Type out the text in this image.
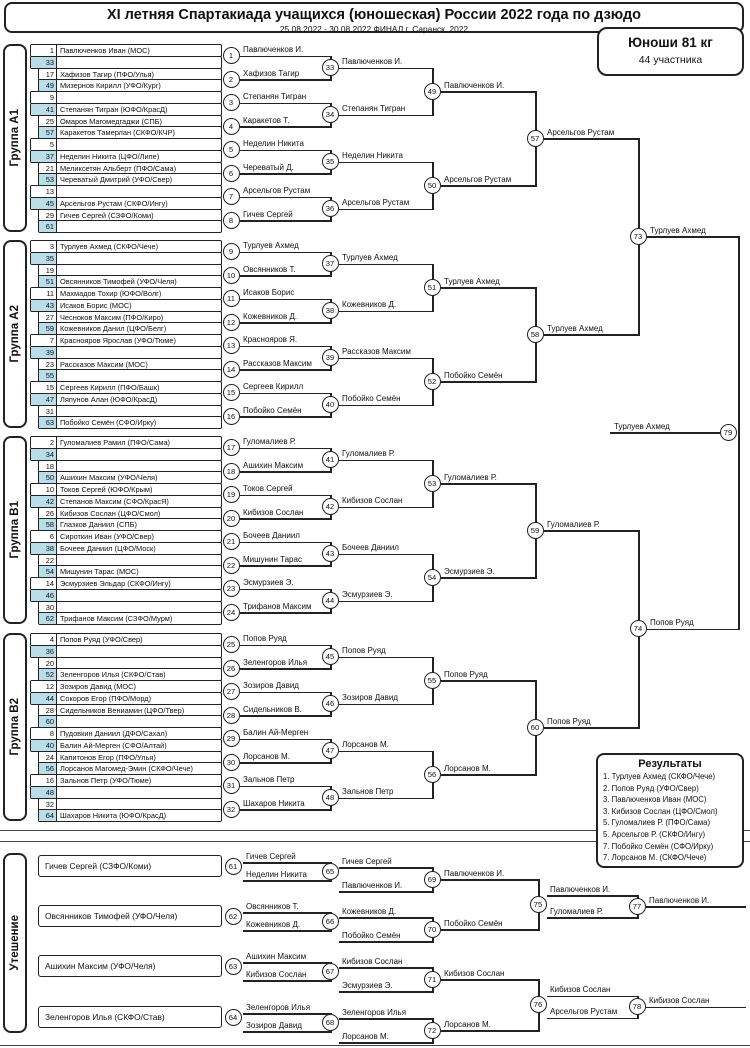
XI летняя Спартакиада учащихся (юношеская) России 2022 года по дзюдо
25.08.2022 - 30.08.2022 ФИНАЛ г. Саранск, 2022
Юноши 81 кг
44 участника
Результаты
1. Турлуев Ахмед (СКФО/Чече)
2. Попов Руяд (УФО/Свер)
3. Павлюченков Иван (МОС)
3. Кибизов Сослан (ЦФО/Смол)
5. Гуломалиев Р. (ПФО/Сама)
5. Арсельгов Р. (СКФО/Ингу)
7. Побойко Семён (СФО/Ирку)
7. Лорсанов М. (СКФО/Чече)
Группа А1
1 Павлюченков Иван (МОС)
33
17 Хафизов Тагир (ПФО/Улья)
49 Мизернов Кирилл (УФО/Кург)
9
41 Степанян Тигран (ЮФО/КрасД)
25 Омаров Магомедгаджи (СПБ)
57 Каракетов Тамерлан (СКФО/КЧР)
5
37 Неделин Никита (ЦФО/Липе)
21 Меликсетян Альберт (ПФО/Сама)
53 Череватый Дмитрий (УФО/Свер)
13
45 Арсельгов Рустам (СКФО/Ингу)
29 Гичев Сергей (СЗФО/Коми)
61
1
Павлюченков И.
2
Хафизов Тагир
3
Степанян Тигран
4
Каракетов Т.
5
Неделин Никита
6
Череватый Д.
7
Арсельгов Рустам
8
Гичев Сергей
33
Павлюченков И.
34
Степанян Тигран
35
Неделин Никита
36
Арсельгов Рустам
49
Павлюченков И.
50
Арсельгов Рустам
57
Арсельгов Рустам
Группа А2
3 Турлуев Ахмед (СКФО/Чече)
35
19
51 Овсянников Тимофей (УФО/Челя)
11 Махмадов Тохир (ЮФО/Волг)
43 Исаков Борис (МОС)
27 Чесноков Максим (ПФО/Киро)
59 Кожевников Данил (ЦФО/Белг)
7 Краснояров Ярослав (УФО/Тюме)
39
23 Рассказов Максим (МОС)
55
15 Сергеев Кирилл (ПФО/Башк)
47 Ляпунов Алан (ЮФО/КрасД)
31
63 Побойко Семён (СФО/Ирку)
9
Турлуев Ахмед
10
Овсянников Т.
11
Исаков Борис
12
Кожевников Д.
13
Краснояров Я.
14
Рассказов Максим
15
Сергеев Кирилл
16
Побойко Семён
37
Турлуев Ахмед
38
Кожевников Д.
39
Рассказов Максим
40
Побойко Семён
51
Турлуев Ахмед
52
Побойко Семён
58
Турлуев Ахмед
Группа В1
2 Гуломалиев Рамил (ПФО/Сама)
34
18
50 Ашихин Максим (УФО/Челя)
10 Токов Сергей (ЮФО/Крым)
42 Степанов Максим (СФО/КрасЯ)
26 Кибизов Сослан (ЦФО/Смол)
58 Глазков Даниил (СПБ)
6 Сироткин Иван (УФО/Свер)
38 Бочеев Даниил (ЦФО/Моск)
22
54 Мишунин Тарас (МОС)
14 Эсмурзиев Эльдар (СКФО/Ингу)
46
30
62 Трифанов Максим (СЗФО/Мурм)
17
Гуломалиев Р.
18
Ашихин Максим
19
Токов Сергей
20
Кибизов Сослан
21
Бочеев Даниил
22
Мишунин Тарас
23
Эсмурзиев Э.
24
Трифанов Максим
41
Гуломалиев Р.
42
Кибизов Сослан
43
Бочеев Даниил
44
Эсмурзиев Э.
53
Гуломалиев Р.
54
Эсмурзиев Э.
59
Гуломалиев Р.
Группа В2
4 Попов Руяд (УФО/Свер)
36
20
52 Зеленгоров Илья (СКФО/Став)
12 Зозиров Давид (МОС)
44 Сокоров Егор (ПФО/Морд)
28 Сидельников Вениамин (ЦФО/Твер)
60
8 Пудовкин Даниил (ДФО/Сахал)
40 Балин Ай-Мерген (СФО/Алтай)
24 Капитонов Егор (ПФО/Улья)
56 Лорсанов Магомед-Эмин (СКФО/Чече)
16 Зальнов Петр (УФО/Тюме)
48
32
64 Шахаров Никита (ЮФО/КрасД)
25
Попов Руяд
26
Зеленгоров Илья
27
Зозиров Давид
28
Сидельников В.
29
Балин Ай-Мерген
30
Лорсанов М.
31
Зальнов Петр
32
Шахаров Никита
45
Попов Руяд
46
Зозиров Давид
47
Лорсанов М.
48
Зальнов Петр
55
Попов Руяд
56
Лорсанов М.
60
Попов Руяд
73
Турлуев Ахмед
74
Попов Руяд
Турлуев Ахмед
79
Утешение
Гичев Сергей (СЗФО/Коми)	61
Гичев Сергей
Неделин Никита	65
Гичев Сергей
Павлюченков И.
69
Павлюченков И.
Овсянников Тимофей (УФО/Челя)	62
Овсянников Т.
Кожевников Д.	66
Кожевников Д.
Побойко Семён
70
Побойко Семён
Ашихин Максим (УФО/Челя)	63
Ашихин Максим
Кибизов Сослан	67
Кибизов Сослан
Эсмурзиев Э.
71
Кибизов Сослан
Зеленгоров Илья (СКФО/Став)	64
Зеленгоров Илья
Зозиров Давид	68
Зеленгоров Илья
Лорсанов М.
72
Лорсанов М.
75
Павлюченков И.
Гуломалиев Р.
77
Павлюченков И.
76
Кибизов Сослан
Арсельгов Рустам
78
Кибизов Сослан
